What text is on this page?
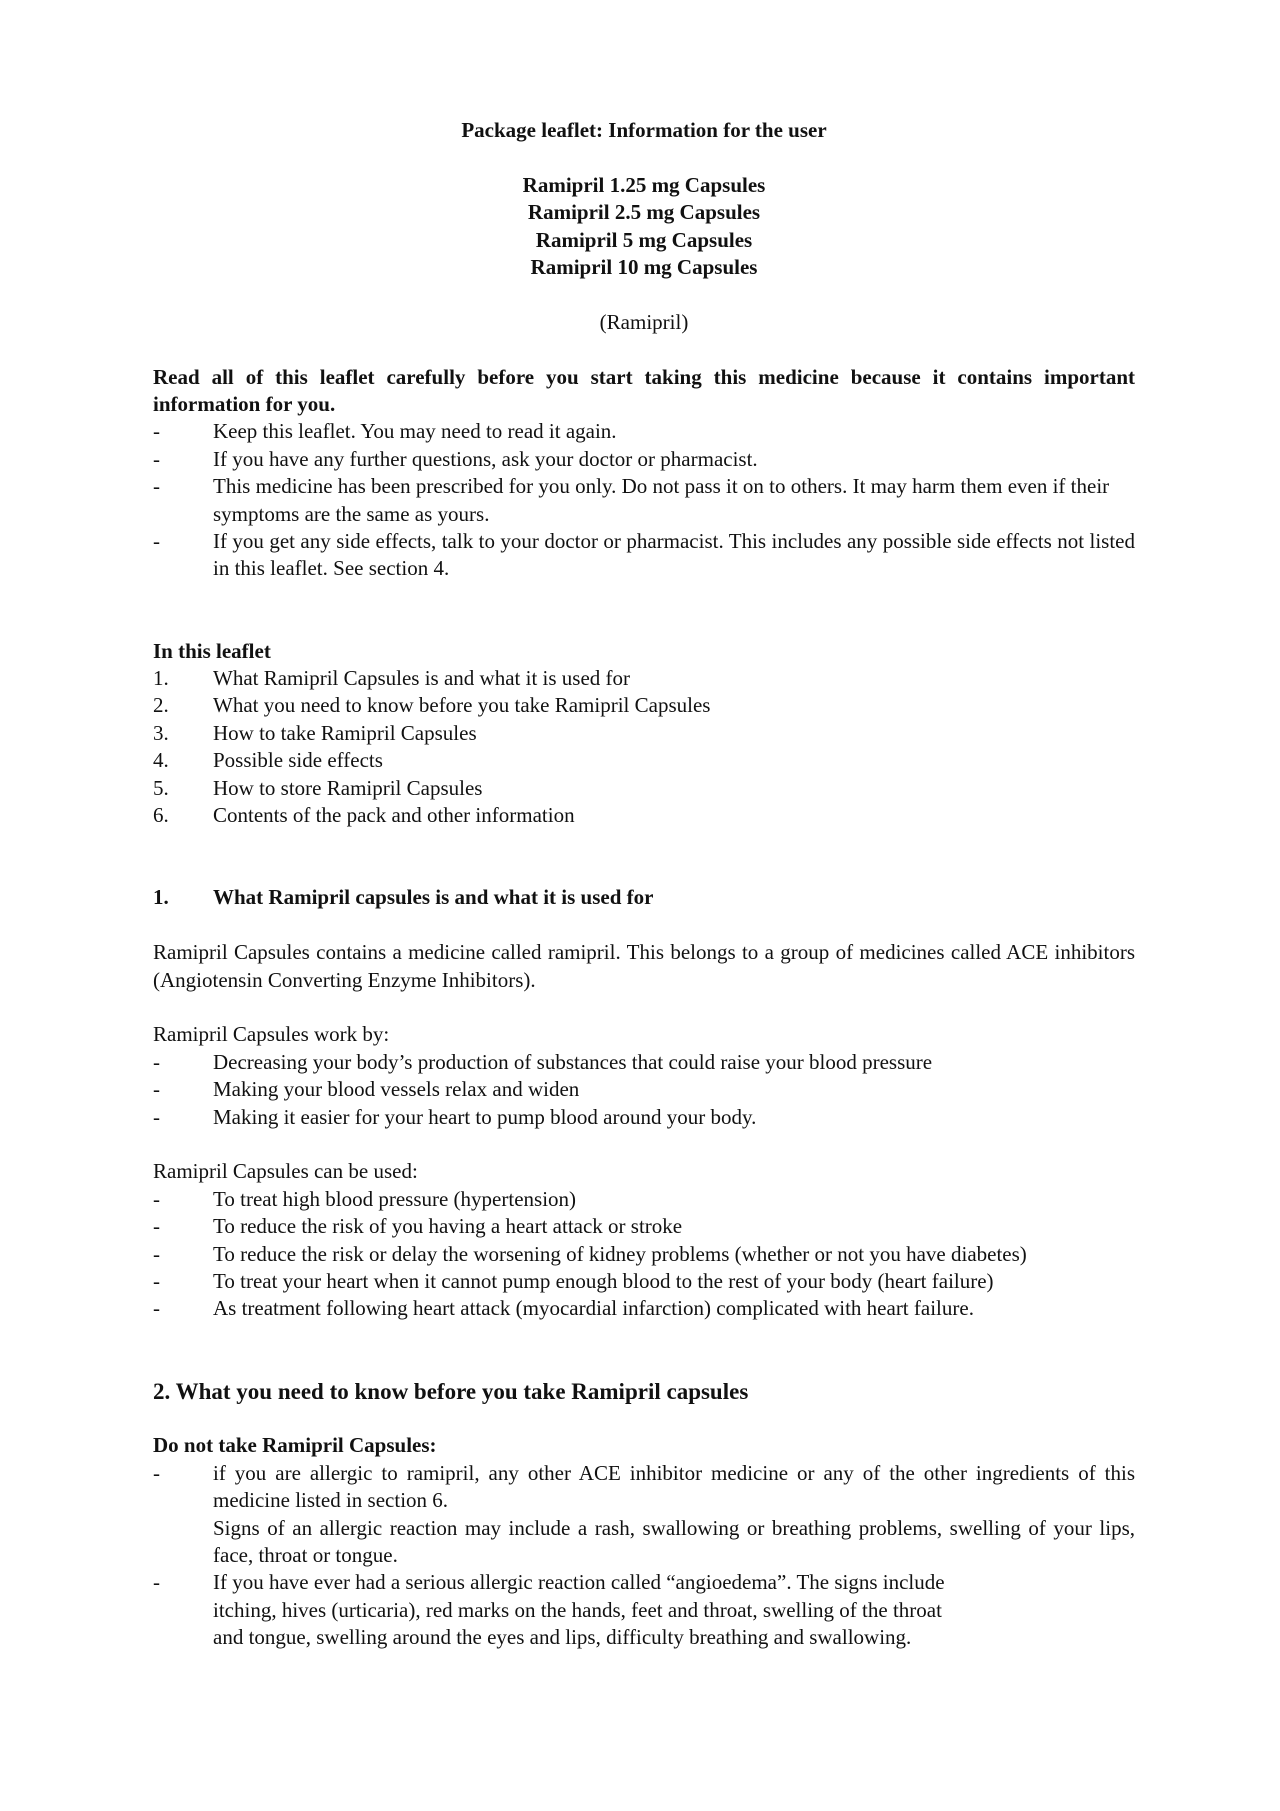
Package leaflet: Information for the user
Ramipril 1.25 mg Capsules
Ramipril 2.5 mg Capsules
Ramipril 5 mg Capsules
Ramipril 10 mg Capsules
(Ramipril)
Read all of this leaflet carefully before you start taking this medicine because it contains important information for you.
-	Keep this leaflet. You may need to read it again.
-	If you have any further questions, ask your doctor or pharmacist.
-	This medicine has been prescribed for you only. Do not pass it on to others. It may harm them even if their symptoms are the same as yours.
-	If you get any side effects, talk to your doctor or pharmacist. This includes any possible side effects not listed in this leaflet. See section 4.
In this leaflet
1.	What Ramipril Capsules is and what it is used for
2.	What you need to know before you take Ramipril Capsules
3.	How to take Ramipril Capsules
4.	Possible side effects
5.	How to store Ramipril Capsules
6.	Contents of the pack and other information
1.	What Ramipril capsules is and what it is used for
Ramipril Capsules contains a medicine called ramipril. This belongs to a group of medicines called ACE inhibitors (Angiotensin Converting Enzyme Inhibitors).
Ramipril Capsules work by:
-	Decreasing your body’s production of substances that could raise your blood pressure
-	Making your blood vessels relax and widen
-	Making it easier for your heart to pump blood around your body.
Ramipril Capsules can be used:
-	To treat high blood pressure (hypertension)
-	To reduce the risk of you having a heart attack or stroke
-	To reduce the risk or delay the worsening of kidney problems (whether or not you have diabetes)
-	To treat your heart when it cannot pump enough blood to the rest of your body (heart failure)
-	As treatment following heart attack (myocardial infarction) complicated with heart failure.
2. What you need to know before you take Ramipril capsules
Do not take Ramipril Capsules:
-	if you are allergic to ramipril, any other ACE inhibitor medicine or any of the other ingredients of this medicine listed in section 6.
Signs of an allergic reaction may include a rash, swallowing or breathing problems, swelling of your lips, face, throat or tongue.
-	If you have ever had a serious allergic reaction called “angioedema”. The signs include
itching, hives (urticaria), red marks on the hands, feet and throat, swelling of the throat
and tongue, swelling around the eyes and lips, difficulty breathing and swallowing.
